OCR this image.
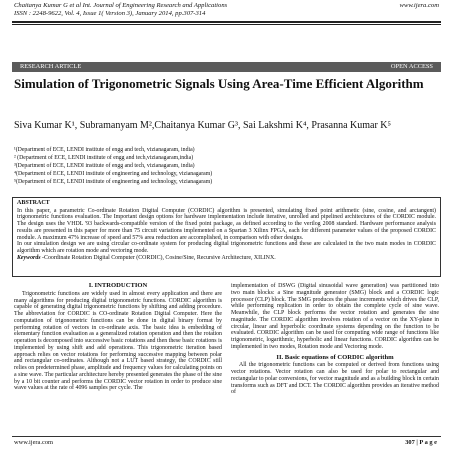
Chaitanya Kumar G et al Int. Journal of Engineering Research and Applications
ISSN : 2248-9622, Vol. 4, Issue 1( Version 3), January 2014, pp.307-314
www.ijera.com
RESEARCH ARTICLE	OPEN ACCESS
Simulation of Trigonometric Signals Using Area-Time Efficient Algorithm
Siva Kumar K¹, Subramanyam M²,Chaitanya Kumar G³, Sai Lakshmi K⁴, Prasanna Kumar K⁵
¹(Department of ECE, LENDI institute of engg and tech, vizianagaram, india)
² (Department of ECE, LENDI institute of engg and tech,vizianagaram,india)
³(Department of ECE, LENDI institute of engg and tech, vizianagaram, india)
⁴(Department of ECE, LENDI institute of engineering and technology, vizianagaram)
⁵(Department of ECE, LENDI institute of engineering and technology, vizianagaram)
ABSTRACT

In this paper, a parametric Co-ordinate Rotation Digital Computer (CORDIC) algorithm is presented, simulating fixed point arithmetic (sine, cosine, and arctangent) trigonometric functions evaluation. The Important design options for hardware implementation include iterative, unrolled and pipelined architectures of the CORDIC module. The design uses the VHDL '93 backwards-compatible version of the fixed point package, as defined according to the verilog 2008 standard. Hardware performance analysis results are presented in this paper for more than 75 circuit variations implemented on a Spartan 3 Xilinx FPGA, each for different parameter values of the proposed CORDIC module. A maximum 47% increase of speed and 57% area reduction are accomplished, in comparison with other designs.

In our simulation design we are using circular co-ordinate system for producing digital trigonometric functions and these are calculated in the two main modes in CORDIC algorithm which are rotation mode and vectoring mode.

Keywords -Coordinate Rotation Digital Computer (CORDIC), Cosine/Sine, Recursive Architecture, XILINX.

I. INTRODUCTION

Trigonometric functions are widely used in almost every application and there are many algorithms for producing digital trigonometric functions. CORDIC algorithm is capable of generating digital trigonometric functions by shifting and adding procedure. The abbreviation for CORDIC is CO-ordinate Rotation Digital Computer. Here the computation of trigonometric functions can be done in digital binary format by performing rotation of vectors in co-ordinate axis. The basic idea is embedding of elementary function evaluation as a generalized rotation operation and then the rotation operation is decomposed into successive basic rotations and then these basic rotations is implemented by using shift and add operations. This trigonometric iteration based approach relies on vector rotations for performing successive mapping between polar and rectangular co-ordinates. Although not a LUT based strategy, the CORDIC still relies on predetermined phase, amplitude and frequency values for calculating points on a sine wave. The particular architecture hereby presented generates the phase of the sine by a 10 bit counter and performs the CORDIC vector rotation in order to produce sine wave values at the rate of 4096 samples per cycle. The

implementation of DSWG (Digital sinusoidal wave generation) was partitioned into two main blocks: a Sine magnitude generator (SMG) block and a CORDIC logic processor (CLP) block. The SMG produces the phase increments which drives the CLP, while performing replication in order to obtain the complete cycle of sine wave. Meanwhile, the CLP block performs the vector rotation and generates the sine magnitude. The CORDIC algorithm involves rotation of a vector on the XY-plane in circular, linear and hyperbolic coordinate systems depending on the function to be evaluated. CORDIC algorithm can be used for computing wide range of functions like trigonometric, logarithmic, hyperbolic and linear functions. CORDIC algorithm can be implemented in two modes, Rotation mode and Vectoring mode.

II. Basic equations of CORDIC algorithm

All the trigonometric functions can be computed or derived from functions using vector rotations. Vector rotation can also be used for polar to rectangular and rectangular to polar conversions, for vector magnitude and as a building block in certain transforms such as DFT and DCT. The CORDIC algorithm provides an iterative method of

www.ijera.com	307 | P a g e
